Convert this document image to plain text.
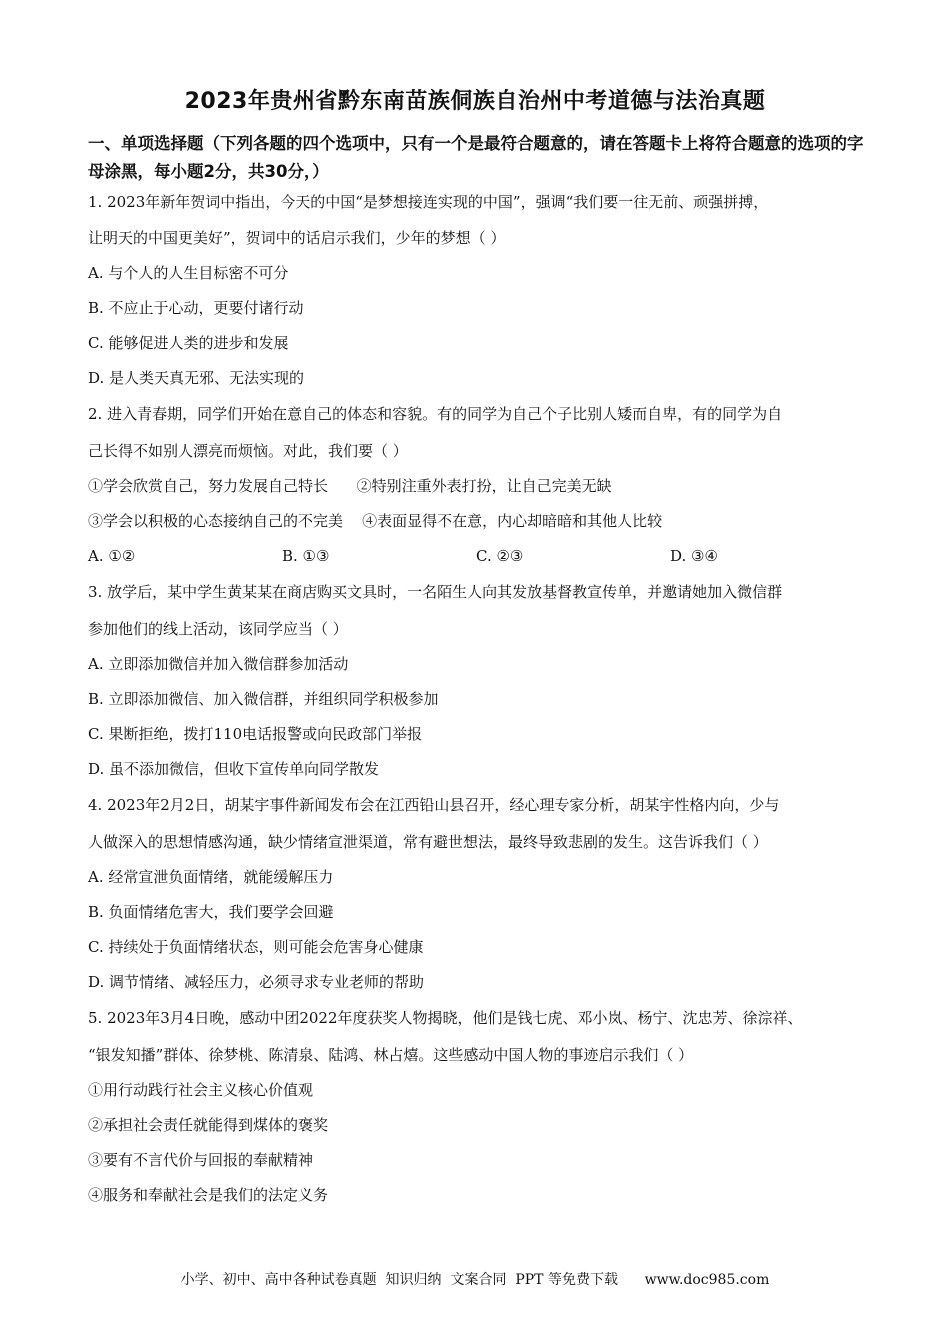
2023年贵州省黔东南苗族侗族自治州中考道德与法治真题
一、单项选择题（下列各题的四个选项中，只有一个是最符合题意的，请在答题卡上将符合题意的选项的字母涂黑，每小题2分，共30分，）
1. 2023年新年贺词中指出，今天的中国“是梦想接连实现的中国”，强调“我们要一往无前、顽强拼搏，
让明天的中国更美好”，贺词中的话启示我们，少年的梦想（ ）
A. 与个人的人生目标密不可分
B. 不应止于心动，更要付诸行动
C. 能够促进人类的进步和发展
D. 是人类天真无邪、无法实现的
2. 进入青春期，同学们开始在意自己的体态和容貌。有的同学为自己个子比别人矮而自卑，有的同学为自
己长得不如别人漂亮而烦恼。对此，我们要（ ）
①学会欣赏自己，努力发展自己特长      ②特别注重外表打扮，让自己完美无缺
③学会以积极的心态接纳自己的不完美    ④表面显得不在意，内心却暗暗和其他人比较
A. ①②	B. ①③	C. ②③	D. ③④
3. 放学后，某中学生黄某某在商店购买文具时，一名陌生人向其发放基督教宣传单，并邀请她加入微信群
参加他们的线上活动，该同学应当（ ）
A. 立即添加微信并加入微信群参加活动
B. 立即添加微信、加入微信群，并组织同学积极参加
C. 果断拒绝，拨打110电话报警或向民政部门举报
D. 虽不添加微信，但收下宣传单向同学散发
4. 2023年2月2日，胡某宇事件新闻发布会在江西铅山县召开，经心理专家分析，胡某宇性格内向，少与
人做深入的思想情感沟通，缺少情绪宣泄渠道，常有避世想法，最终导致悲剧的发生。这告诉我们（ ）
A. 经常宣泄负面情绪，就能缓解压力
B. 负面情绪危害大，我们要学会回避
C. 持续处于负面情绪状态，则可能会危害身心健康
D. 调节情绪、减轻压力，必须寻求专业老师的帮助
5. 2023年3月4日晚，感动中团2022年度获奖人物揭晓，他们是钱七虎、邓小岚、杨宁、沈忠芳、徐淙祥、
“银发知播”群体、徐梦桃、陈清泉、陆鸿、林占熺。这些感动中国人物的事迹启示我们（ ）
①用行动践行社会主义核心价值观
②承担社会责任就能得到煤体的褒奖
③要有不言代价与回报的奉献精神
④服务和奉献社会是我们的法定义务
小学、初中、高中各种试卷真题  知识归纳  文案合同  PPT 等免费下载      www.doc985.com
